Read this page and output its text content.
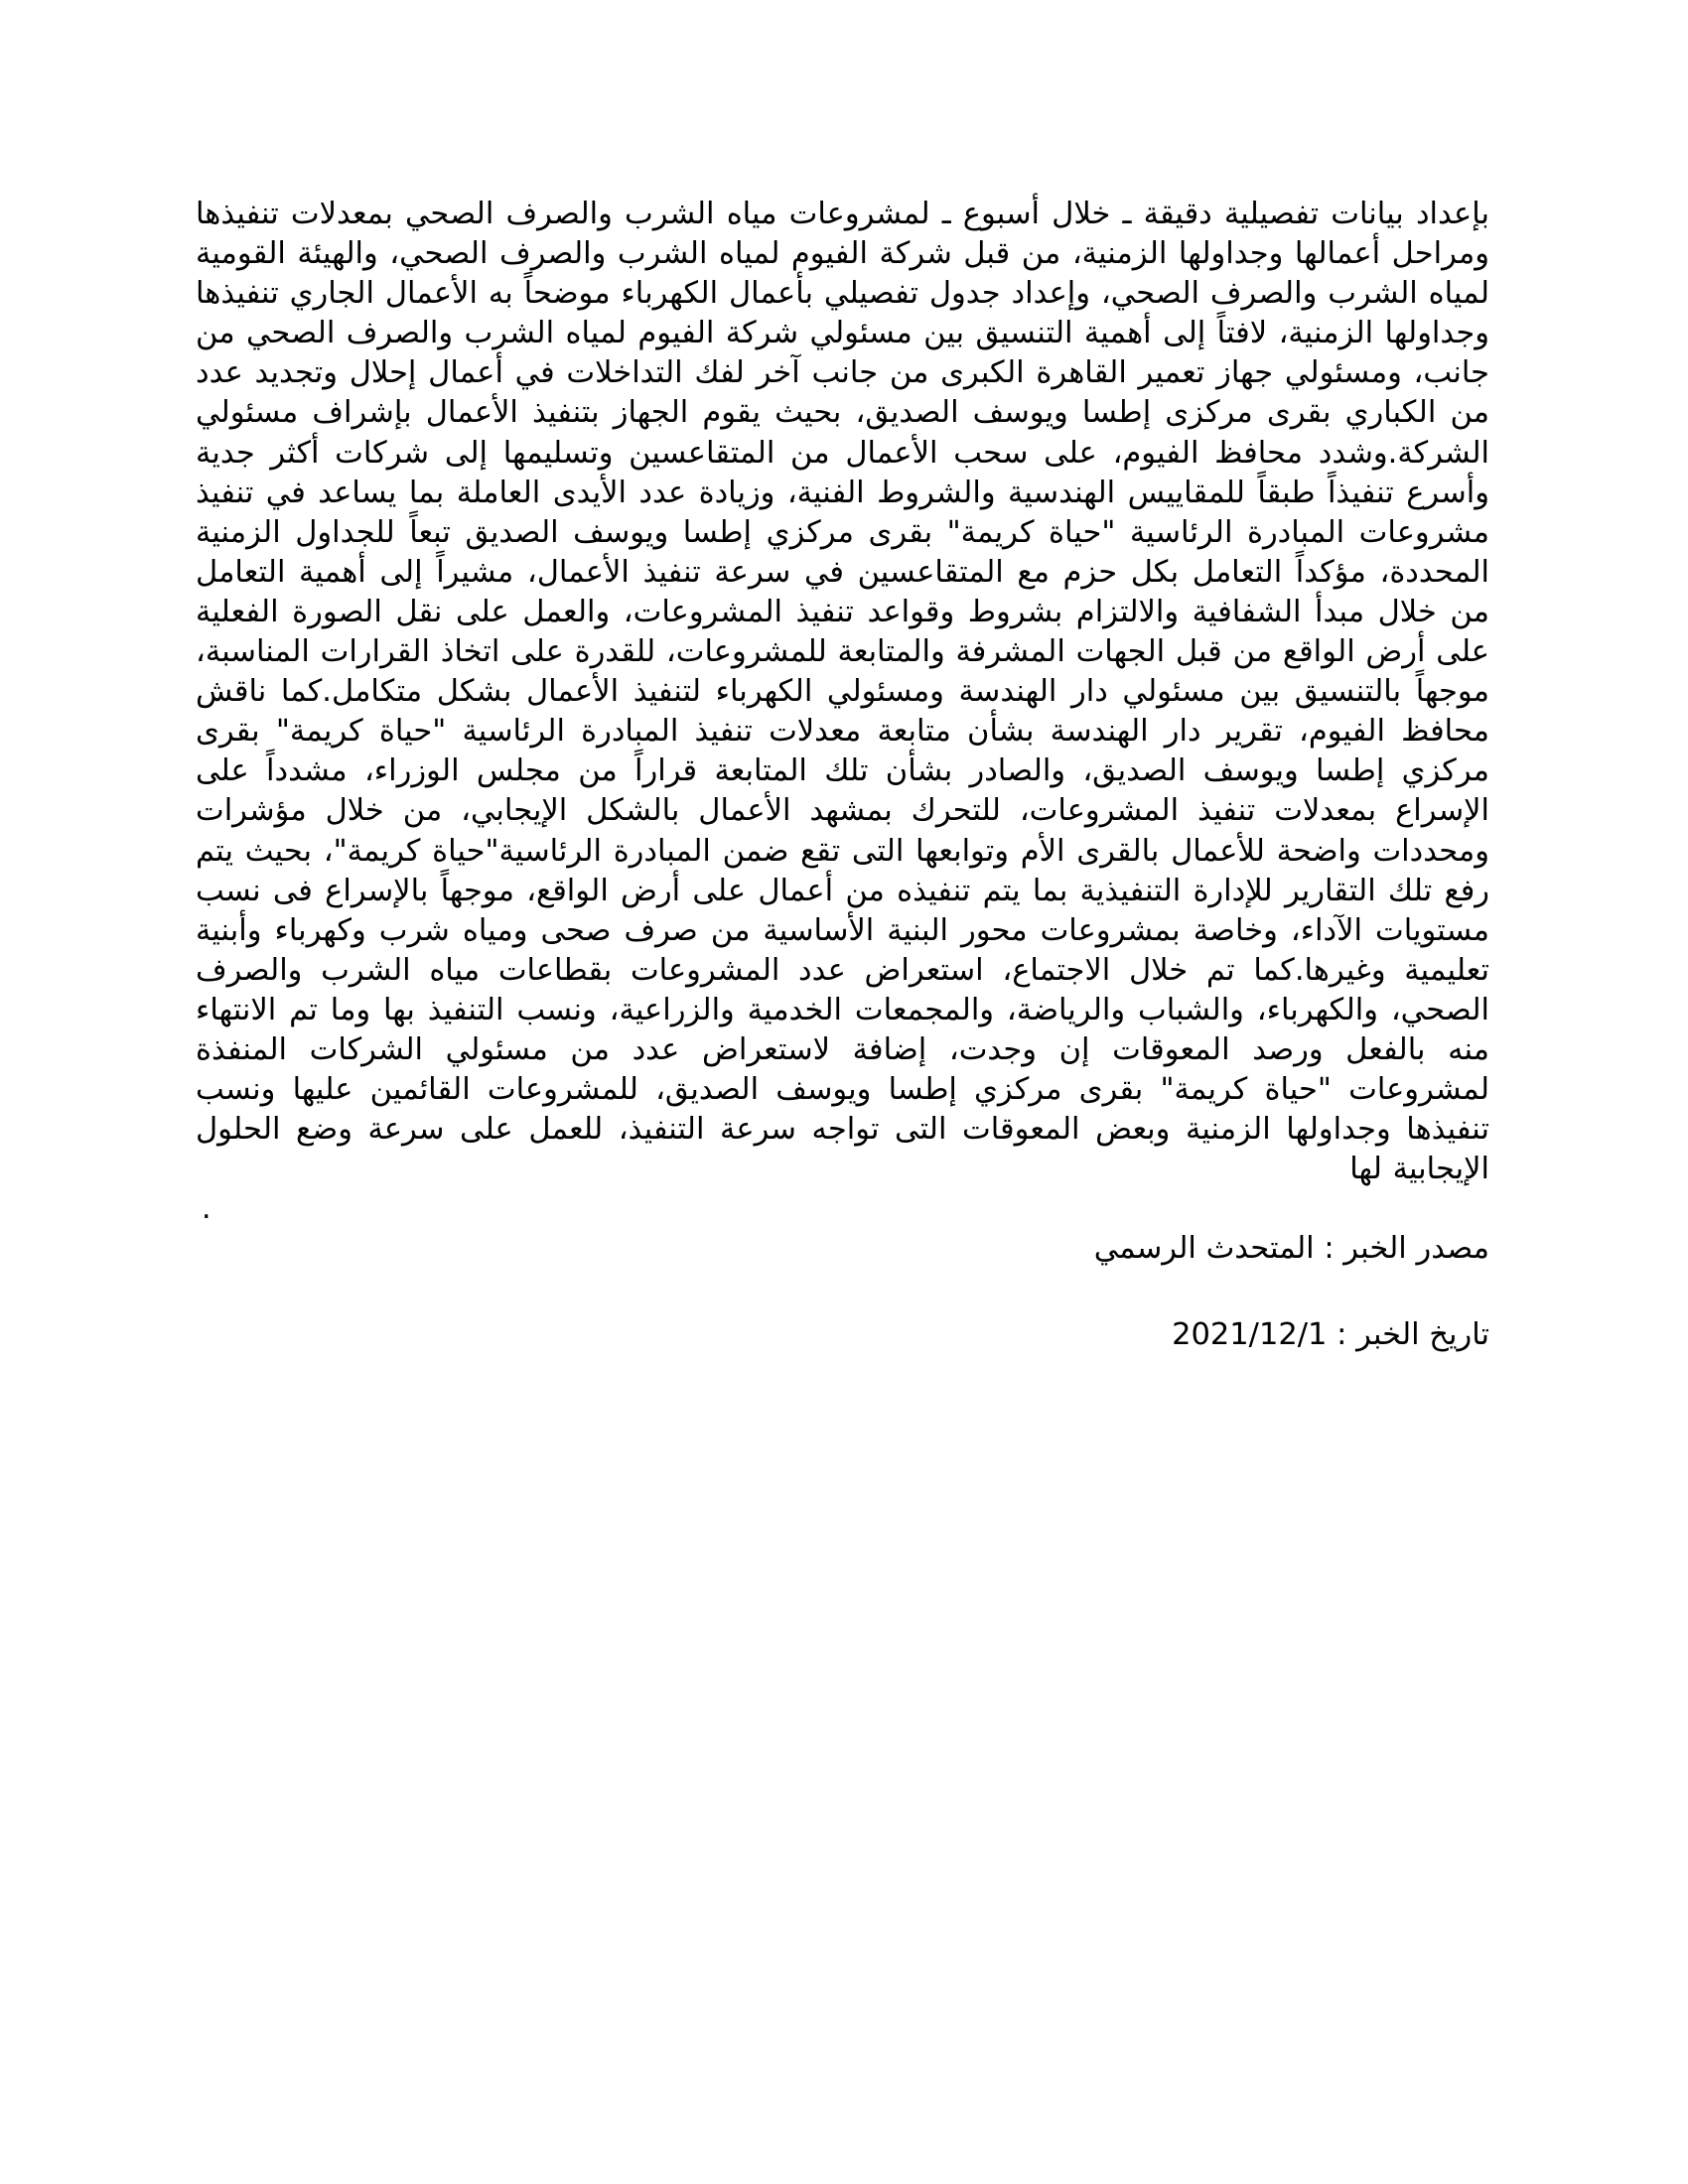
بإعداد بيانات تفصيلية دقيقة ـ خلال أسبوع ـ لمشروعات مياه الشرب والصرف الصحي بمعدلات تنفيذها ومراحل أعمالها وجداولها الزمنية، من قبل شركة الفيوم لمياه الشرب والصرف الصحي، والهيئة القومية لمياه الشرب والصرف الصحي، وإعداد جدول تفصيلي بأعمال الكهرباء موضحاً به الأعمال الجاري تنفيذها وجداولها الزمنية، لافتاً إلى أهمية التنسيق بين مسئولي شركة الفيوم لمياه الشرب والصرف الصحي من جانب، ومسئولي جهاز تعمير القاهرة الكبرى من جانب آخر لفك التداخلات في أعمال إحلال وتجديد عدد من الكباري بقرى مركزى إطسا ويوسف الصديق، بحيث يقوم الجهاز بتنفيذ الأعمال بإشراف مسئولي الشركة.وشدد محافظ الفيوم، على سحب الأعمال من المتقاعسين وتسليمها إلى شركات أكثر جدية وأسرع تنفيذاً طبقاً للمقاييس الهندسية والشروط الفنية، وزيادة عدد الأيدى العاملة بما يساعد في تنفيذ مشروعات المبادرة الرئاسية "حياة كريمة" بقرى مركزي إطسا ويوسف الصديق تبعاً للجداول الزمنية المحددة، مؤكداً التعامل بكل حزم مع المتقاعسين في سرعة تنفيذ الأعمال، مشيراً إلى أهمية التعامل من خلال مبدأ الشفافية والالتزام بشروط وقواعد تنفيذ المشروعات، والعمل على نقل الصورة الفعلية على أرض الواقع من قبل الجهات المشرفة والمتابعة للمشروعات، للقدرة على اتخاذ القرارات المناسبة، موجهاً بالتنسيق بين مسئولي دار الهندسة ومسئولي الكهرباء لتنفيذ الأعمال بشكل متكامل.كما ناقش محافظ الفيوم، تقرير دار الهندسة بشأن متابعة معدلات تنفيذ المبادرة الرئاسية "حياة كريمة" بقرى مركزي إطسا ويوسف الصديق، والصادر بشأن تلك المتابعة قراراً من مجلس الوزراء، مشدداً على الإسراع بمعدلات تنفيذ المشروعات، للتحرك بمشهد الأعمال بالشكل الإيجابي، من خلال مؤشرات ومحددات واضحة للأعمال بالقرى الأم وتوابعها التى تقع ضمن المبادرة الرئاسية"حياة كريمة"، بحيث يتم رفع تلك التقارير للإدارة التنفيذية بما يتم تنفيذه من أعمال على أرض الواقع، موجهاً بالإسراع فى نسب مستويات الآداء، وخاصة بمشروعات محور البنية الأساسية من صرف صحى ومياه شرب وكهرباء وأبنية تعليمية وغيرها.كما تم خلال الاجتماع، استعراض عدد المشروعات بقطاعات مياه الشرب والصرف الصحي، والكهرباء، والشباب والرياضة، والمجمعات الخدمية والزراعية، ونسب التنفيذ بها وما تم الانتهاء منه بالفعل ورصد المعوقات إن وجدت، إضافة لاستعراض عدد من مسئولي الشركات المنفذة لمشروعات "حياة كريمة" بقرى مركزي إطسا ويوسف الصديق، للمشروعات القائمين عليها ونسب تنفيذها وجداولها الزمنية وبعض المعوقات التى تواجه سرعة التنفيذ، للعمل على سرعة وضع الحلول الإيجابية لها

.

مصدر الخبر : المتحدث الرسمي

تاريخ الخبر : 2021/12/1
